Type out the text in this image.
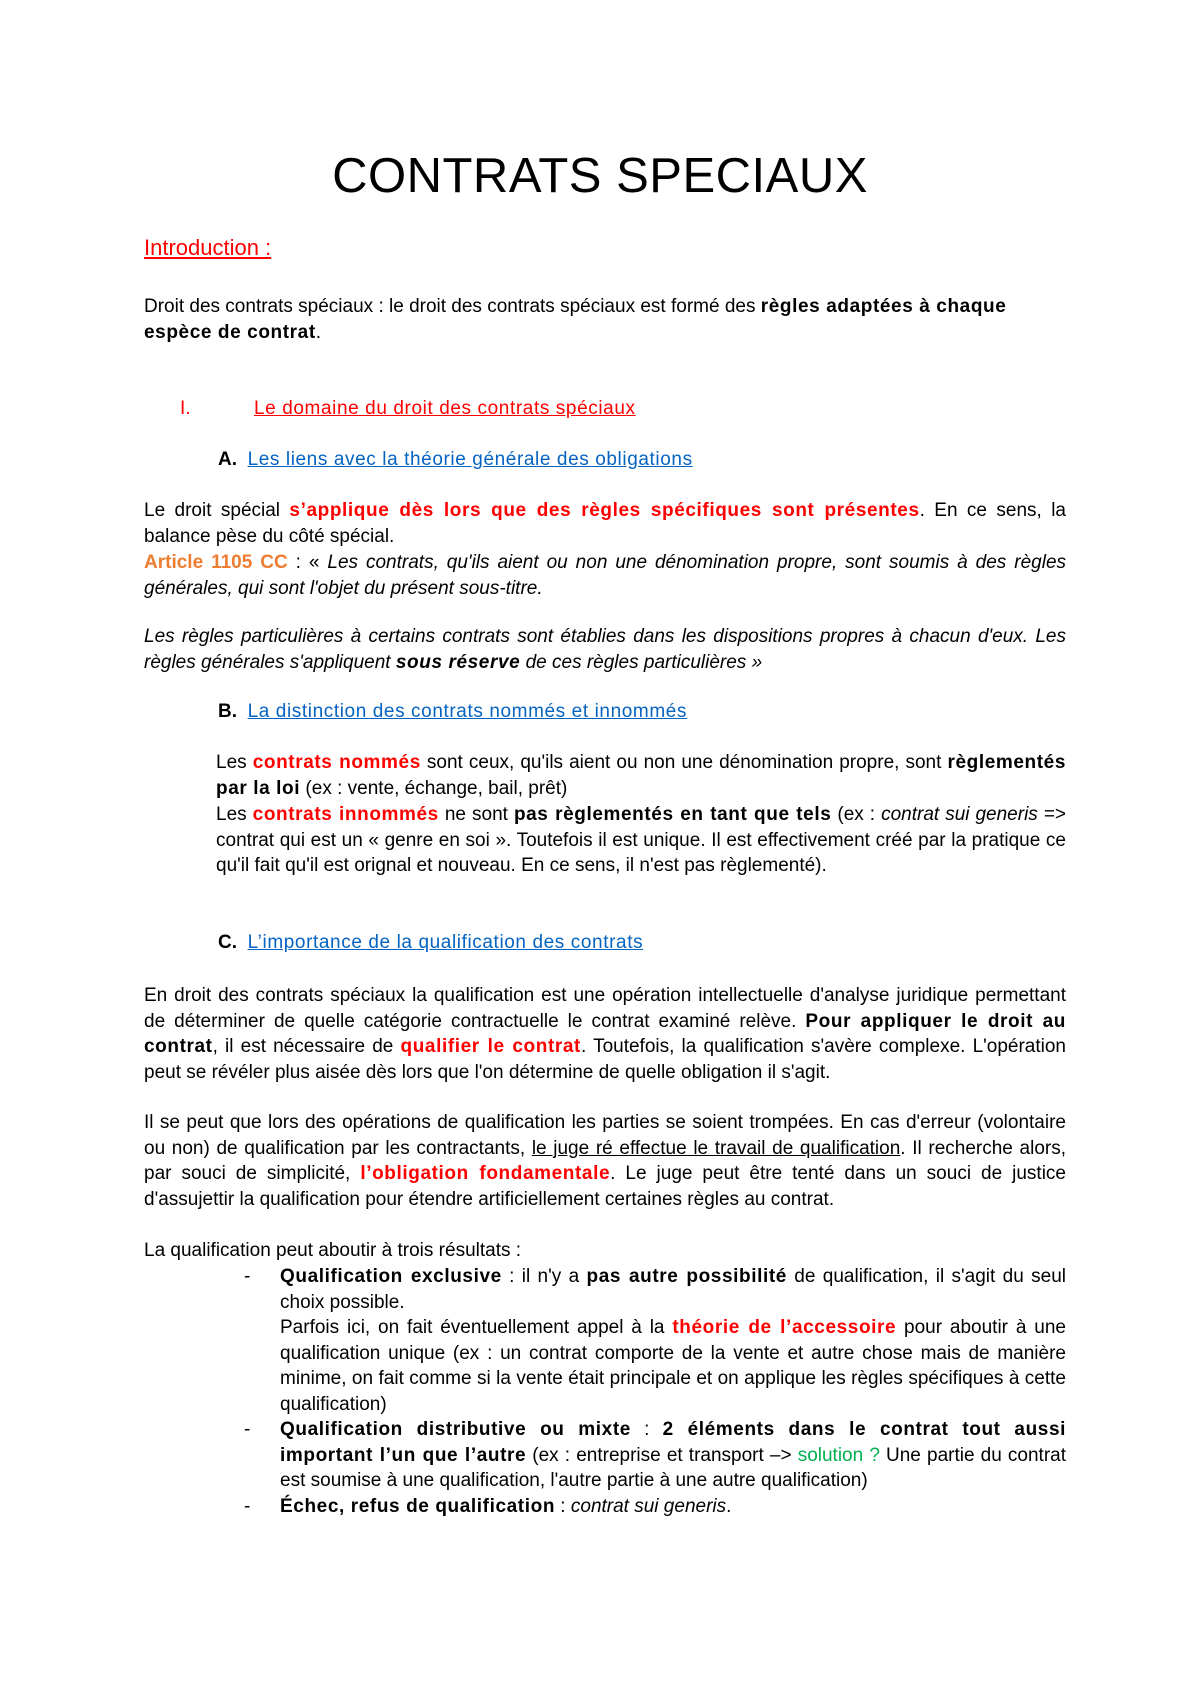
CONTRATS SPECIAUX

Introduction :

Droit des contrats spéciaux : le droit des contrats spéciaux est formé des règles adaptées à chaque espèce de contrat.

I.	Le domaine du droit des contrats spéciaux

A. Les liens avec la théorie générale des obligations

Le droit spécial s’applique dès lors que des règles spécifiques sont présentes. En ce sens, la balance pèse du côté spécial.

Article 1105 CC : « Les contrats, qu'ils aient ou non une dénomination propre, sont soumis à des règles générales, qui sont l'objet du présent sous-titre.

Les règles particulières à certains contrats sont établies dans les dispositions propres à chacun d'eux. Les règles générales s'appliquent sous réserve de ces règles particulières »

B. La distinction des contrats nommés et innommés

Les contrats nommés sont ceux, qu'ils aient ou non une dénomination propre, sont règlementés par la loi (ex : vente, échange, bail, prêt)

Les contrats innommés ne sont pas règlementés en tant que tels (ex : contrat sui generis => contrat qui est un « genre en soi ». Toutefois il est unique. Il est effectivement créé par la pratique ce qu'il fait qu'il est orignal et nouveau. En ce sens, il n'est pas règlementé).

C. L’importance de la qualification des contrats

En droit des contrats spéciaux la qualification est une opération intellectuelle d'analyse juridique permettant de déterminer de quelle catégorie contractuelle le contrat examiné relève. Pour appliquer le droit au contrat, il est nécessaire de qualifier le contrat. Toutefois, la qualification s'avère complexe. L'opération peut se révéler plus aisée dès lors que l'on détermine de quelle obligation il s'agit.

Il se peut que lors des opérations de qualification les parties se soient trompées. En cas d'erreur (volontaire ou non) de qualification par les contractants, le juge ré effectue le travail de qualification. Il recherche alors, par souci de simplicité, l’obligation fondamentale. Le juge peut être tenté dans un souci de justice d'assujettir la qualification pour étendre artificiellement certaines règles au contrat.

La qualification peut aboutir à trois résultats :

- Qualification exclusive : il n'y a pas autre possibilité de qualification, il s'agit du seul choix possible.
Parfois ici, on fait éventuellement appel à la théorie de l’accessoire pour aboutir à une qualification unique (ex : un contrat comporte de la vente et autre chose mais de manière minime, on fait comme si la vente était principale et on applique les règles spécifiques à cette qualification)
- Qualification distributive ou mixte : 2 éléments dans le contrat tout aussi important l’un que l’autre (ex : entreprise et transport –> solution ? Une partie du contrat est soumise à une qualification, l'autre partie à une autre qualification)
- Échec, refus de qualification : contrat sui generis.
